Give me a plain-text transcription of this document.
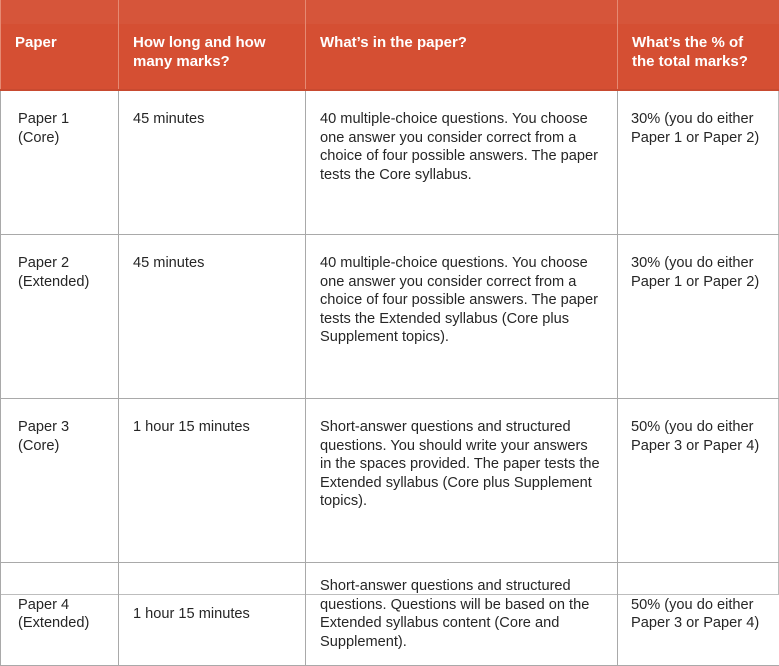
Paper	How long and how many marks?	What’s in the paper?	What’s the % of the total marks?
Paper 1
(Core)	45 minutes	40 multiple-choice questions. You choose one answer you consider correct from a choice of four possible answers. The paper tests the Core syllabus.	30% (you do either Paper 1 or Paper 2)
Paper 2
(Extended)	45 minutes	40 multiple-choice questions. You choose one answer you consider correct from a choice of four possible answers. The paper tests the Extended syllabus (Core plus Supplement topics).	30% (you do either Paper 1 or Paper 2)
Paper 3
(Core)	1 hour 15 minutes	Short-answer questions and structured questions. You should write your answers in the spaces provided. The paper tests the Extended syllabus (Core plus Supplement topics).	50% (you do either Paper 3 or Paper 4)
Paper 4
(Extended)	1 hour 15 minutes	Short-answer questions and structured questions. Questions will be based on the Extended syllabus content (Core and Supplement).	50% (you do either Paper 3 or Paper 4)
